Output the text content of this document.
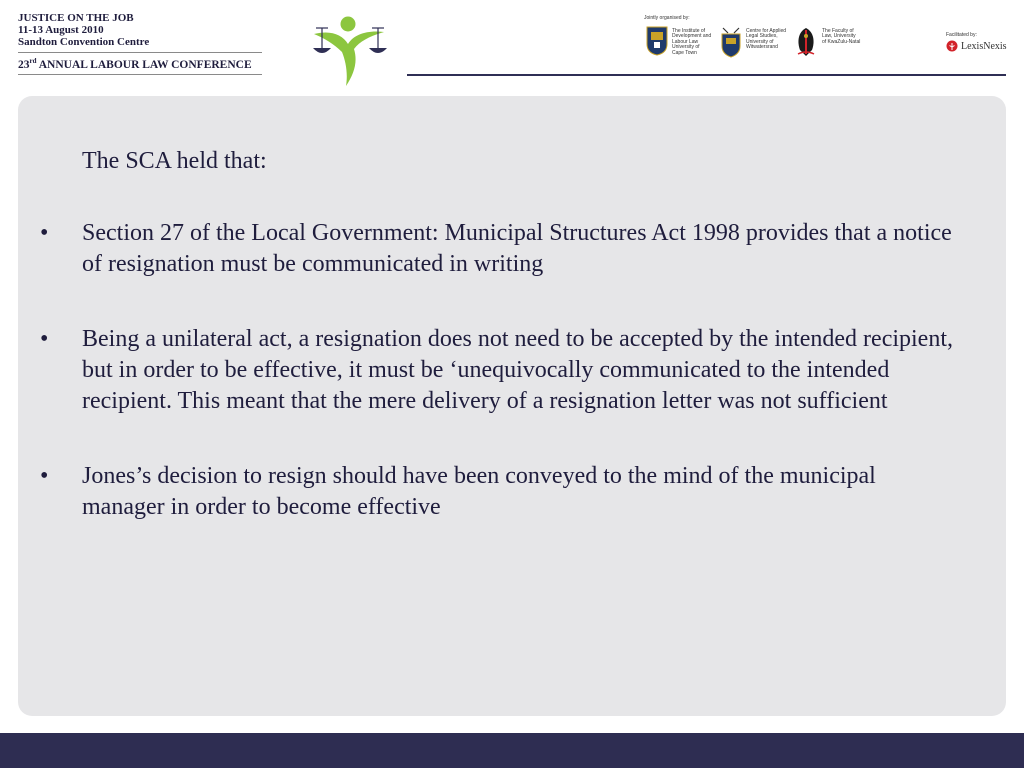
JUSTICE ON THE JOB
11-13 August 2010
Sandton Convention Centre
23rd ANNUAL LABOUR LAW CONFERENCE
Jointly organised by:
The Institute of
Development and
Labour Law
University of
Cape Town
Centre for Applied
Legal Studies,
University of
Witwatersrand
The Faculty of
Law, University
of KwaZulu-Natal
Facilitated by:
LexisNexis
The SCA held that:
• Section 27 of the Local Government: Municipal Structures Act 1998 provides that a notice of resignation must be communicated in writing
• Being a unilateral act, a resignation does not need to be accepted by the intended recipient, but in order to be effective, it must be ‘unequivocally communicated to the intended recipient. This meant that the mere delivery of a resignation letter was not sufficient
• Jones’s decision to resign should have been conveyed to the mind of the municipal manager in order to become effective
